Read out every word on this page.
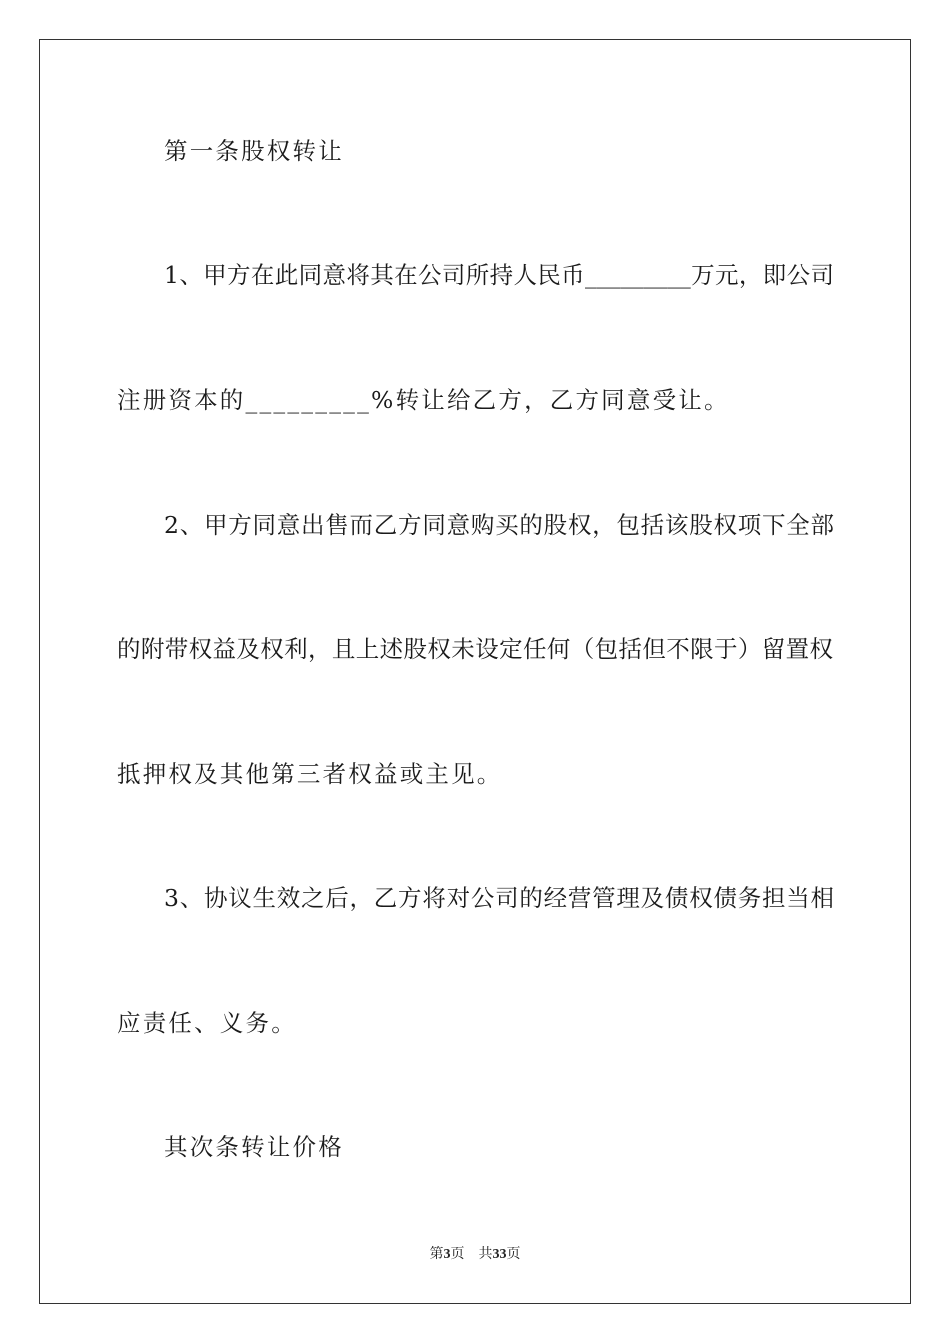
第一条股权转让
1、甲方在此同意将其在公司所持人民币_________万元，即公司
注册资本的_________%转让给乙方，乙方同意受让。
2、甲方同意出售而乙方同意购买的股权，包括该股权项下全部
的附带权益及权利，且上述股权未设定任何（包括但不限于）留置权
抵押权及其他第三者权益或主见。
3、协议生效之后，乙方将对公司的经营管理及债权债务担当相
应责任、义务。
其次条转让价格
第3页 共33页
